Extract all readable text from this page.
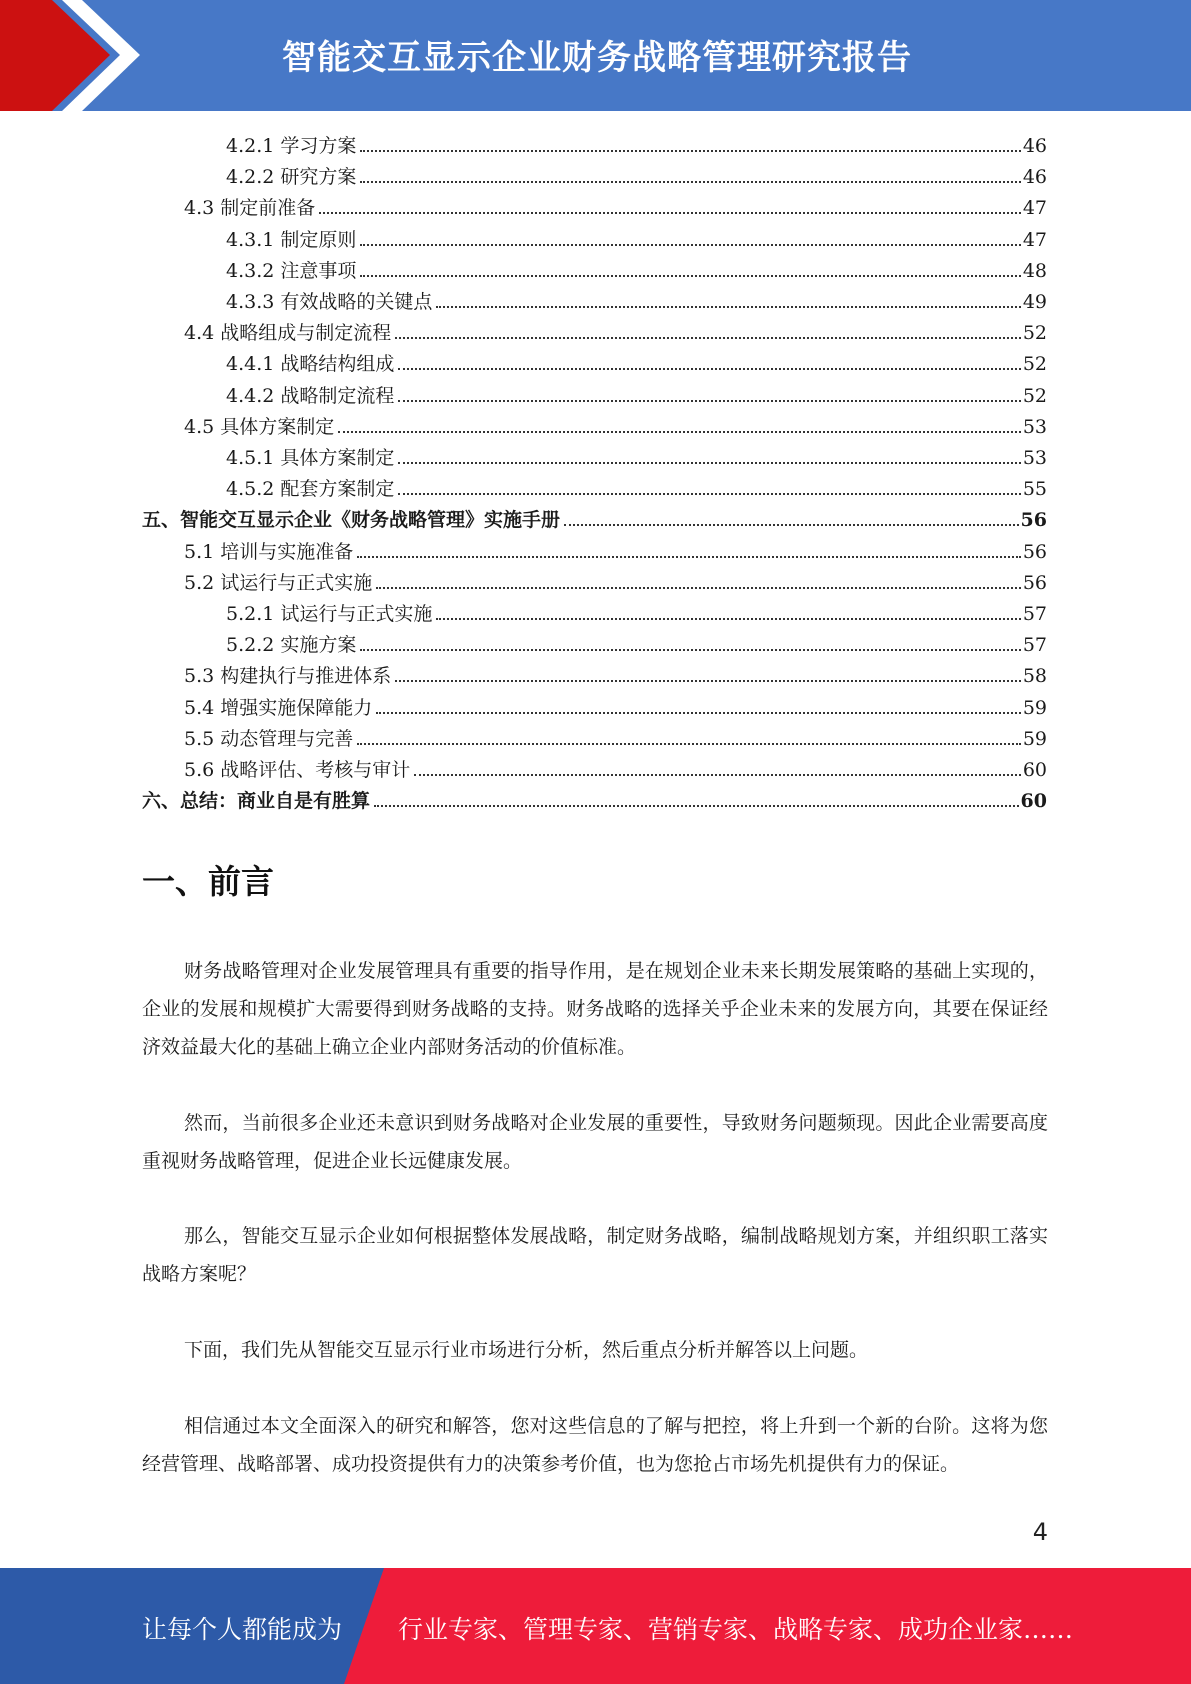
智能交互显示企业财务战略管理研究报告
4.2.1 学习方案	46
4.2.2 研究方案	46
4.3 制定前准备	47
4.3.1 制定原则	47
4.3.2 注意事项	48
4.3.3 有效战略的关键点	49
4.4 战略组成与制定流程	52
4.4.1 战略结构组成	52
4.4.2 战略制定流程	52
4.5 具体方案制定	53
4.5.1 具体方案制定	53
4.5.2 配套方案制定	55
五、智能交互显示企业《财务战略管理》实施手册	56
5.1 培训与实施准备	56
5.2 试运行与正式实施	56
5.2.1 试运行与正式实施	57
5.2.2 实施方案	57
5.3 构建执行与推进体系	58
5.4 增强实施保障能力	59
5.5 动态管理与完善	59
5.6 战略评估、考核与审计	60
六、总结：商业自是有胜算	60
一、前言
财务战略管理对企业发展管理具有重要的指导作用，是在规划企业未来长期发展策略的基础上实现的，企业的发展和规模扩大需要得到财务战略的支持。财务战略的选择关乎企业未来的发展方向，其要在保证经济效益最大化的基础上确立企业内部财务活动的价值标准。
然而，当前很多企业还未意识到财务战略对企业发展的重要性，导致财务问题频现。因此企业需要高度重视财务战略管理，促进企业长远健康发展。
那么，智能交互显示企业如何根据整体发展战略，制定财务战略，编制战略规划方案，并组织职工落实战略方案呢？
下面，我们先从智能交互显示行业市场进行分析，然后重点分析并解答以上问题。
相信通过本文全面深入的研究和解答，您对这些信息的了解与把控，将上升到一个新的台阶。这将为您经营管理、战略部署、成功投资提供有力的决策参考价值，也为您抢占市场先机提供有力的保证。
4
让每个人都能成为 行业专家、管理专家、营销专家、战略专家、成功企业家……
